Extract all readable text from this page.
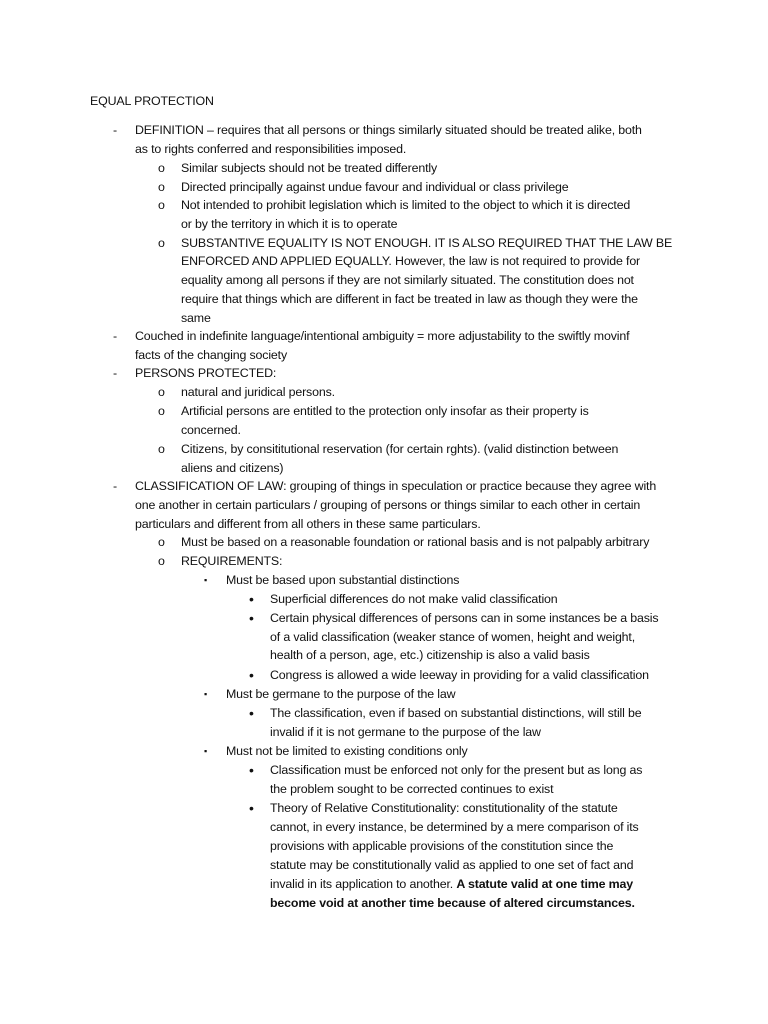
EQUAL PROTECTION
- DEFINITION – requires that all persons or things similarly situated should be treated alike, both
as to rights conferred and responsibilities imposed.
o Similar subjects should not be treated differently
o Directed principally against undue favour and individual or class privilege
o Not intended to prohibit legislation which is limited to the object to which it is directed
or by the territory in which it is to operate
o SUBSTANTIVE EQUALITY IS NOT ENOUGH. IT IS ALSO REQUIRED THAT THE LAW BE
ENFORCED AND APPLIED EQUALLY. However, the law is not required to provide for
equality among all persons if they are not similarly situated. The constitution does not
require that things which are different in fact be treated in law as though they were the
same
- Couched in indefinite language/intentional ambiguity = more adjustability to the swiftly movinf
facts of the changing society
- PERSONS PROTECTED:
o natural and juridical persons.
o Artificial persons are entitled to the protection only insofar as their property is
concerned.
o Citizens, by consititutional reservation (for certain rghts). (valid distinction between
aliens and citizens)
- CLASSIFICATION OF LAW: grouping of things in speculation or practice because they agree with
one another in certain particulars / grouping of persons or things similar to each other in certain
particulars and different from all others in these same particulars.
o Must be based on a reasonable foundation or rational basis and is not palpably arbitrary
o REQUIREMENTS:
▪ Must be based upon substantial distinctions
• Superficial differences do not make valid classification
• Certain physical differences of persons can in some instances be a basis
of a valid classification (weaker stance of women, height and weight,
health of a person, age, etc.) citizenship is also a valid basis
• Congress is allowed a wide leeway in providing for a valid classification
▪ Must be germane to the purpose of the law
• The classification, even if based on substantial distinctions, will still be
invalid if it is not germane to the purpose of the law
▪ Must not be limited to existing conditions only
• Classification must be enforced not only for the present but as long as
the problem sought to be corrected continues to exist
• Theory of Relative Constitutionality: constitutionality of the statute
cannot, in every instance, be determined by a mere comparison of its
provisions with applicable provisions of the constitution since the
statute may be constitutionally valid as applied to one set of fact and
invalid in its application to another. A statute valid at one time may
become void at another time because of altered circumstances.
